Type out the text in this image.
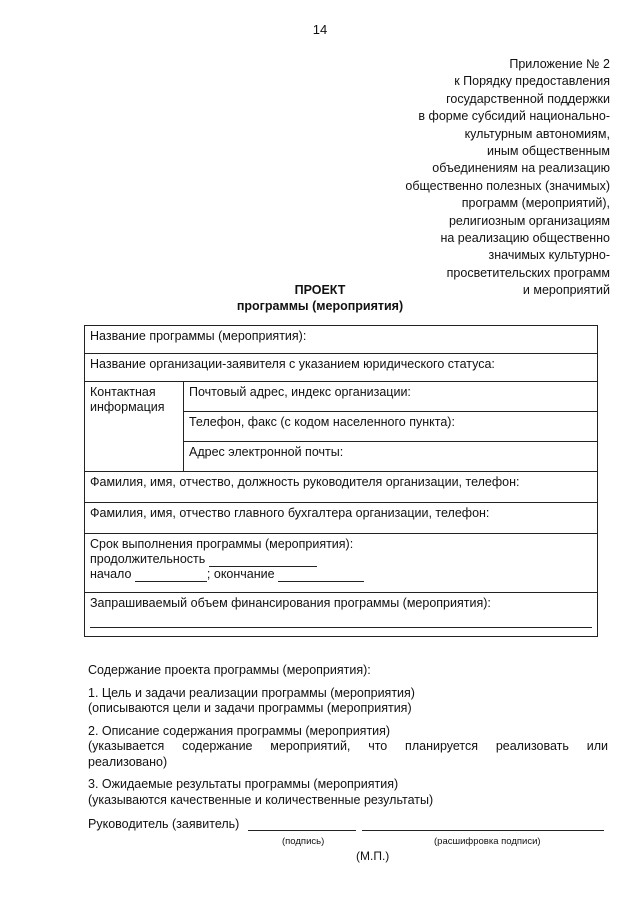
14
Приложение № 2
к Порядку предоставления
государственной поддержки
в форме субсидий национально-
культурным автономиям,
иным общественным
объединениям на реализацию
общественно полезных (значимых)
программ (мероприятий),
религиозным организациям
на реализацию общественно
значимых культурно-
просветительских программ
и мероприятий
ПРОЕКТ
программы (мероприятия)
Название программы (мероприятия):
Название организации-заявителя с указанием юридического статуса:
Контактная информация	Почтовый адрес, индекс организации:
Телефон, факс (с кодом населенного пункта):
Адрес электронной почты:
Фамилия, имя, отчество, должность руководителя организации, телефон:
Фамилия, имя, отчество главного бухгалтера организации, телефон:

Срок выполнения программы (мероприятия):
продолжительность
начало	; окончание

Запрашиваемый объем финансирования программы (мероприятия):

Содержание проекта программы (мероприятия):

1. Цель и задачи реализации программы (мероприятия)

(описываются цели и задачи программы (мероприятия)

2. Описание содержания программы (мероприятия)

(указывается содержание мероприятий, что планируется реализовать или

реализовано)

3. Ожидаемые результаты программы (мероприятия)

(указываются качественные и количественные результаты)

Руководитель (заявитель)
(подпись)	(расшифровка подписи)
(М.П.)
